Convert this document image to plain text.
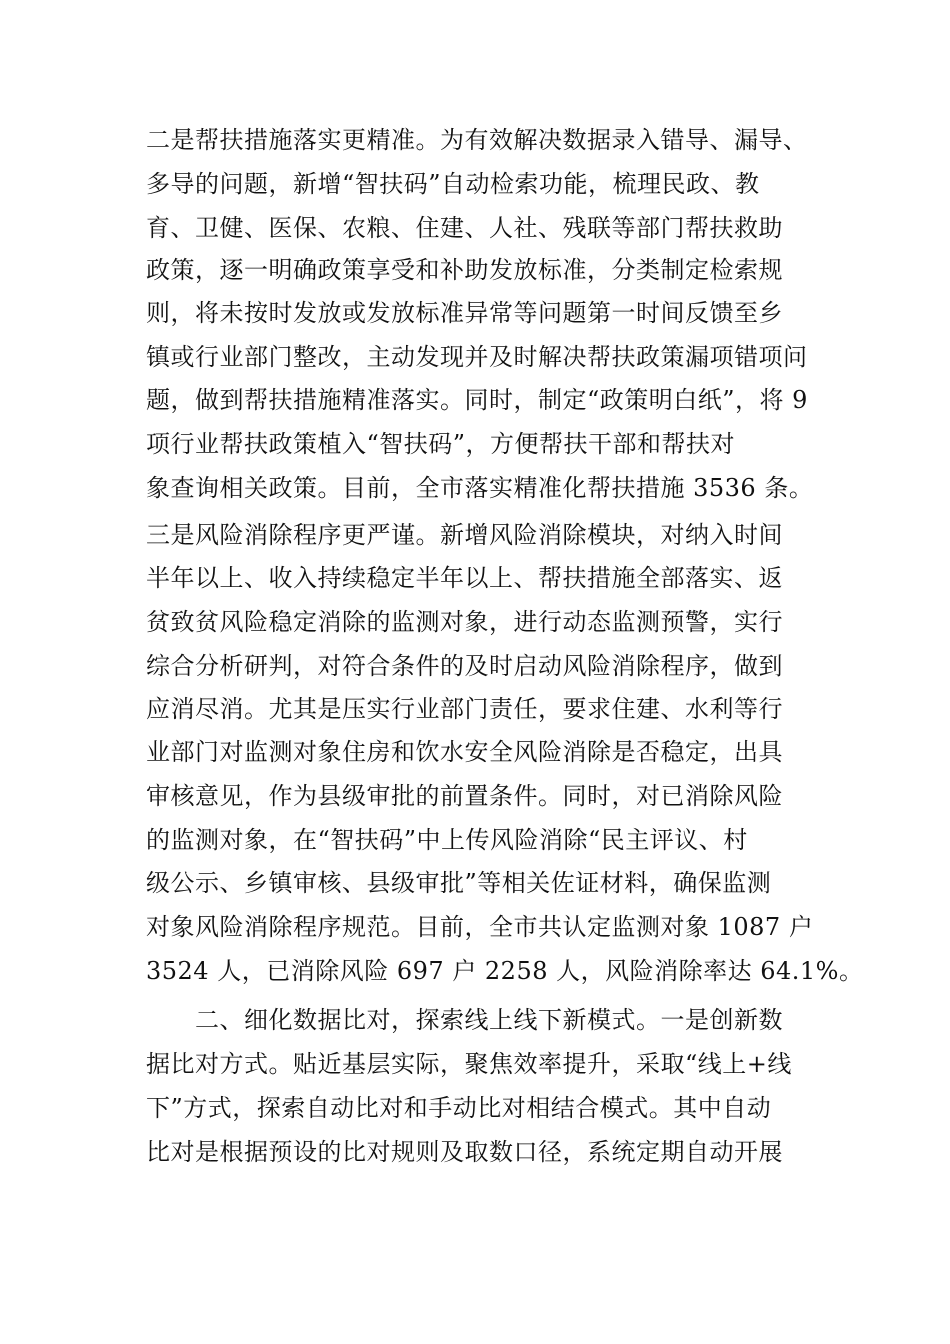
二是帮扶措施落实更精准。为有效解决数据录入错导、漏导、
多导的问题，新增“智扶码”自动检索功能，梳理民政、教
育、卫健、医保、农粮、住建、人社、残联等部门帮扶救助
政策，逐一明确政策享受和补助发放标准，分类制定检索规
则，将未按时发放或发放标准异常等问题第一时间反馈至乡
镇或行业部门整改，主动发现并及时解决帮扶政策漏项错项问
题，做到帮扶措施精准落实。同时，制定“政策明白纸”，将 9
项行业帮扶政策植入“智扶码”，方便帮扶干部和帮扶对
象查询相关政策。目前，全市落实精准化帮扶措施 3536 条。
三是风险消除程序更严谨。新增风险消除模块，对纳入时间
半年以上、收入持续稳定半年以上、帮扶措施全部落实、返
贫致贫风险稳定消除的监测对象，进行动态监测预警，实行
综合分析研判，对符合条件的及时启动风险消除程序，做到
应消尽消。尤其是压实行业部门责任，要求住建、水利等行
业部门对监测对象住房和饮水安全风险消除是否稳定，出具
审核意见，作为县级审批的前置条件。同时，对已消除风险
的监测对象，在“智扶码”中上传风险消除“民主评议、村
级公示、乡镇审核、县级审批”等相关佐证材料，确保监测
对象风险消除程序规范。目前，全市共认定监测对象 1087 户
3524 人，已消除风险 697 户 2258 人，风险消除率达 64.1%。
二、细化数据比对，探索线上线下新模式。一是创新数
据比对方式。贴近基层实际，聚焦效率提升，采取“线上+线
下”方式，探索自动比对和手动比对相结合模式。其中自动
比对是根据预设的比对规则及取数口径，系统定期自动开展
